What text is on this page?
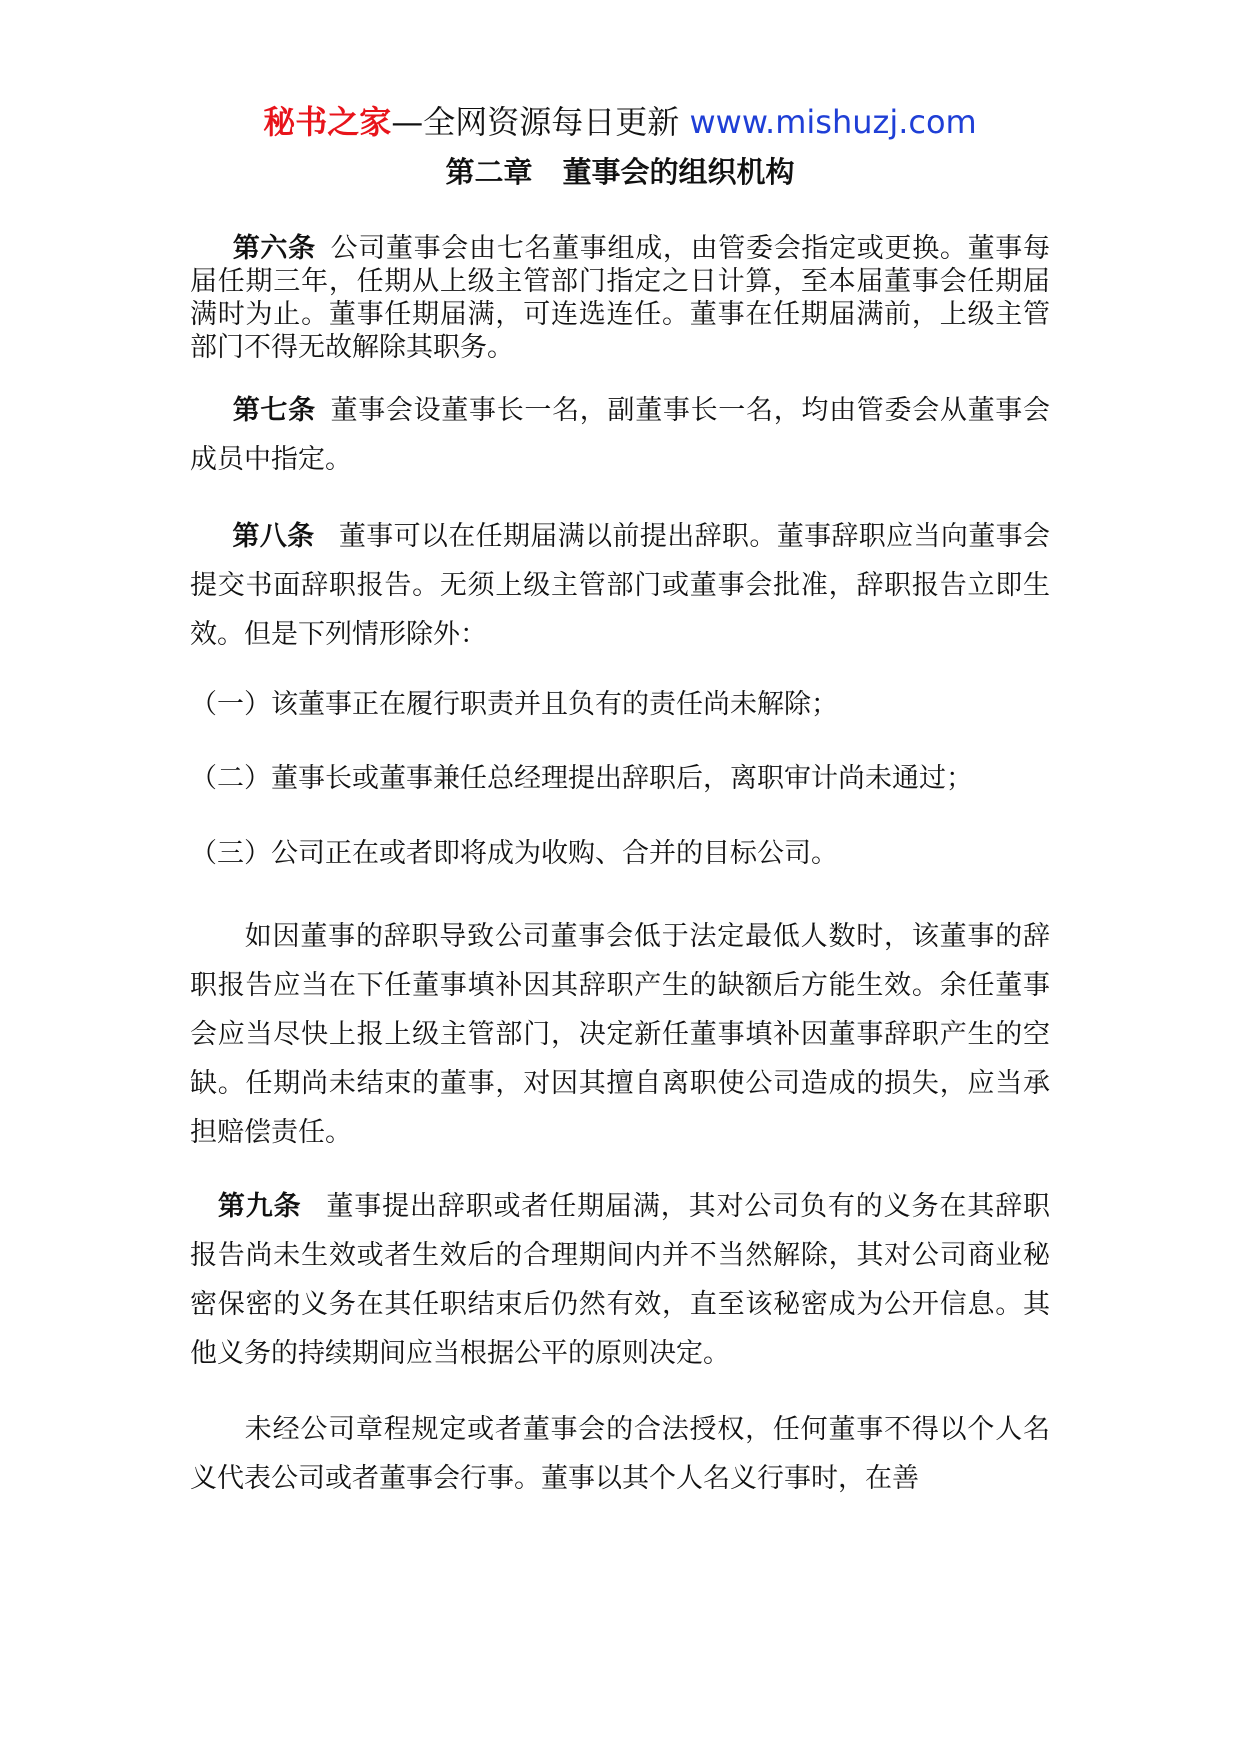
秘书之家—全网资源每日更新 www.mishuzj.com
第二章 董事会的组织机构

第六条 公司董事会由七名董事组成，由管委会指定或更换。董事每届任期三年，任期从上级主管部门指定之日计算，至本届董事会任期届满时为止。董事任期届满，可连选连任。董事在任期届满前，上级主管部门不得无故解除其职务。

第七条 董事会设董事长一名，副董事长一名，均由管委会从董事会成员中指定。

第八条 董事可以在任期届满以前提出辞职。董事辞职应当向董事会提交书面辞职报告。无须上级主管部门或董事会批准，辞职报告立即生效。但是下列情形除外：

（一）该董事正在履行职责并且负有的责任尚未解除；
（二）董事长或董事兼任总经理提出辞职后，离职审计尚未通过；
（三）公司正在或者即将成为收购、合并的目标公司。

如因董事的辞职导致公司董事会低于法定最低人数时，该董事的辞职报告应当在下任董事填补因其辞职产生的缺额后方能生效。余任董事会应当尽快上报上级主管部门，决定新任董事填补因董事辞职产生的空缺。任期尚未结束的董事，对因其擅自离职使公司造成的损失，应当承担赔偿责任。

第九条 董事提出辞职或者任期届满，其对公司负有的义务在其辞职报告尚未生效或者生效后的合理期间内并不当然解除，其对公司商业秘密保密的义务在其任职结束后仍然有效，直至该秘密成为公开信息。其他义务的持续期间应当根据公平的原则决定。

未经公司章程规定或者董事会的合法授权，任何董事不得以个人名义代表公司或者董事会行事。董事以其个人名义行事时，在善
